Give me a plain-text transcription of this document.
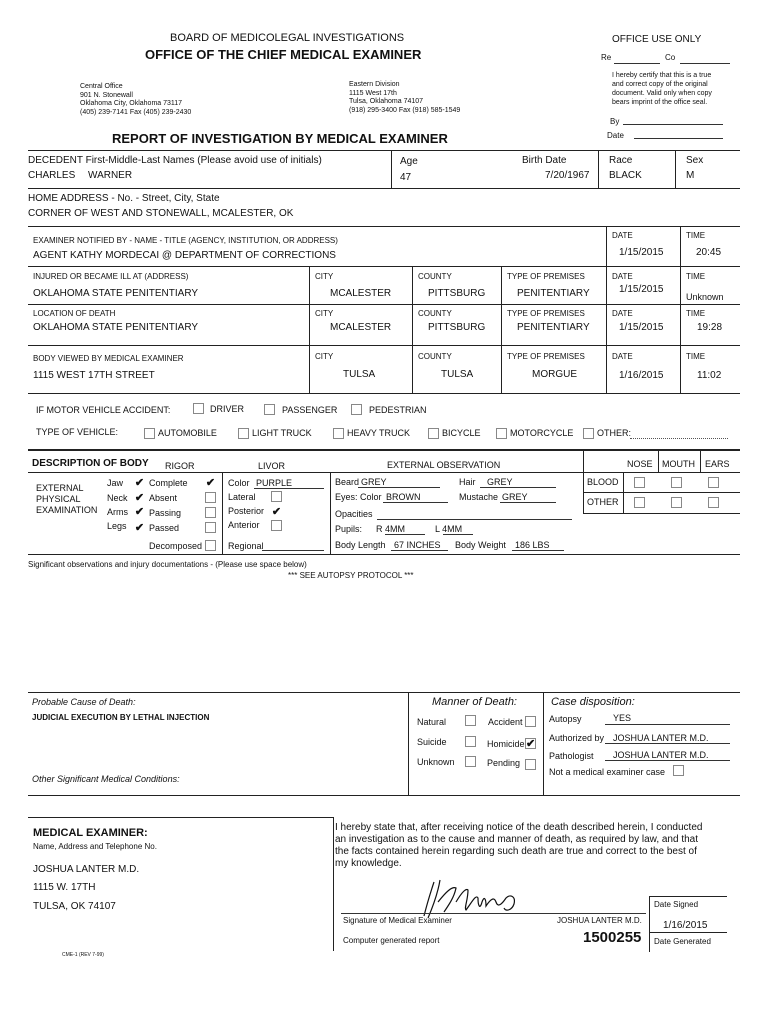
BOARD OF MEDICOLEGAL INVESTIGATIONS
OFFICE OF THE CHIEF MEDICAL EXAMINER
OFFICE USE ONLY
Re	Co
I hereby certify that this is a true
and correct copy of the original
document. Valid only when copy
bears imprint of the office seal.
By
Date
Central Office
901 N. Stonewall
Oklahoma City, Oklahoma 73117
(405) 239-7141 Fax (405) 239-2430
Eastern Division
1115 West 17th
Tulsa, Oklahoma 74107
(918) 295-3400 Fax (918) 585-1549
REPORT OF INVESTIGATION BY MEDICAL EXAMINER
DECEDENT First-Middle-Last Names (Please avoid use of initials)
CHARLES WARNER
Age
47
Birth Date
7/20/1967
Race
BLACK
Sex
M
HOME ADDRESS - No. - Street, City, State
CORNER OF WEST AND STONEWALL, MCALESTER, OK
EXAMINER NOTIFIED BY - NAME - TITLE (AGENCY, INSTITUTION, OR ADDRESS)
AGENT KATHY MORDECAI @ DEPARTMENT OF CORRECTIONS
DATE
1/15/2015
TIME
20:45
INJURED OR BECAME ILL AT (ADDRESS)
OKLAHOMA STATE PENITENTIARY
CITY
MCALESTER
COUNTY
PITTSBURG
TYPE OF PREMISES
PENITENTIARY
DATE
1/15/2015
TIME
Unknown
LOCATION OF DEATH
OKLAHOMA STATE PENITENTIARY
CITY
MCALESTER
COUNTY
PITTSBURG
TYPE OF PREMISES
PENITENTIARY
DATE
1/15/2015
TIME
19:28
BODY VIEWED BY MEDICAL EXAMINER
1115 WEST 17TH STREET
CITY
TULSA
COUNTY
TULSA
TYPE OF PREMISES
MORGUE
DATE
1/16/2015
TIME
11:02
IF MOTOR VEHICLE ACCIDENT:	DRIVER	PASSENGER	PEDESTRIAN
TYPE OF VEHICLE:	AUTOMOBILE	LIGHT TRUCK	HEAVY TRUCK	BICYCLE	MOTORCYCLE	OTHER:
DESCRIPTION OF BODY RIGOR	LIVOR	EXTERNAL OBSERVATION	NOSE MOUTH EARS
EXTERNAL
PHYSICAL
EXAMINATION
Jaw ✔
Neck ✔
Arms ✔
Legs ✔
Complete ✔
Absent
Passing
Passed
Decomposed
Color PURPLE
Lateral
Posterior ✔
Anterior
Regional
Beard GREY	Hair GREY
Eyes: Color BROWN	Mustache GREY
Opacities
Pupils: R 4MM	L 4MM
Body Length 67 INCHES Body Weight 186 LBS
BLOOD
OTHER
Significant observations and injury documentations - (Please use space below)
*** SEE AUTOPSY PROTOCOL ***
Probable Cause of Death:
JUDICIAL EXECUTION BY LETHAL INJECTION
Other Significant Medical Conditions:
Manner of Death:
Natural	Accident
Suicide	Homicide ✔
Unknown	Pending
Case disposition:
Autopsy	YES
Authorized by JOSHUA LANTER M.D.
Pathologist JOSHUA LANTER M.D.
Not a medical examiner case
MEDICAL EXAMINER:
Name, Address and Telephone No.
JOSHUA LANTER M.D.
1115 W. 17TH
TULSA, OK 74107
I hereby state that, after receiving notice of the death described herein, I conducted an investigation as to the cause and manner of death, as required by law, and that the facts contained herein regarding such death are true and correct to the best of my knowledge.
Signature of Medical Examiner	JOSHUA LANTER M.D.
Computer generated report	1500255
Date Signed
1/16/2015
Date Generated
CME-1 (REV 7-99)
